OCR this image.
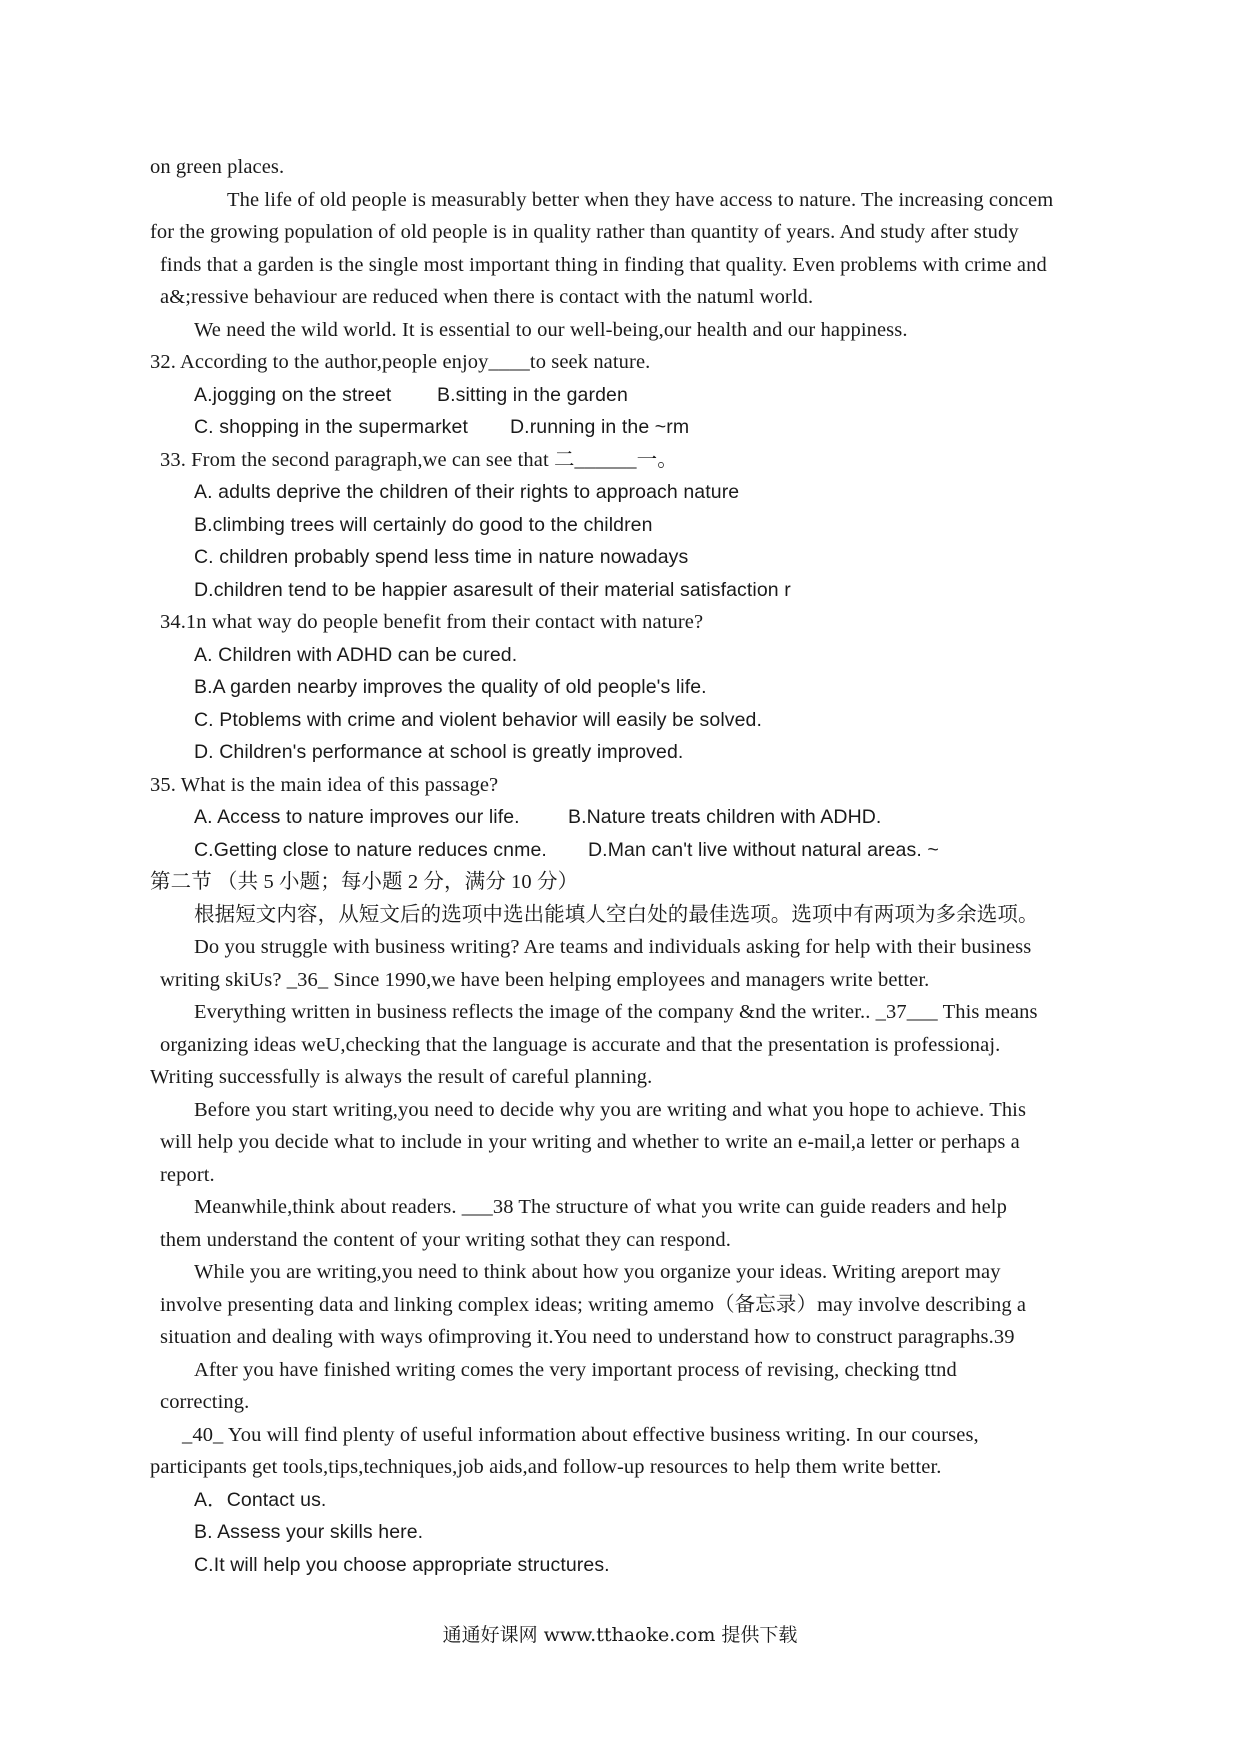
on green places.
The life of old people is measurably better when they have access to nature. The increasing concem
for the growing population of old people is in quality rather than quantity of years. And study after study
finds that a garden is the single most important thing in finding that quality. Even problems with crime and
a&;ressive behaviour are reduced when there is contact with the natuml world.
We need the wild world. It is essential to our well-being,our health and our happiness.
32. According to the author,people enjoy____to seek nature.
A.jogging on the street B.sitting in the garden
C. shopping in the supermarket D.running in the ~rm
33. From the second paragraph,we can see that 二______一。
A. adults deprive the children of their rights to approach nature
B.climbing trees will certainly do good to the children
C. children probably spend less time in nature nowadays
D.children tend to be happier asaresult of their material satisfaction r
34.1n what way do people benefit from their contact with nature?
A. Children with ADHD can be cured.
B.A garden nearby improves the quality of old people's life.
C. Ptoblems with crime and violent behavior will easily be solved.
D. Children's performance at school is greatly improved.
35. What is the main idea of this passage?
A. Access to nature improves our life. B.Nature treats children with ADHD.
C.Getting close to nature reduces cnme. D.Man can't live without natural areas. ~
第二节 （共 5 小题；每小题 2 分，满分 10 分）
根据短文内容，从短文后的选项中选出能填人空白处的最佳选项。选项中有两项为多余选项。
Do you struggle with business writing? Are teams and individuals asking for help with their business
writing skiUs? _36_ Since 1990,we have been helping employees and managers write better.
Everything written in business reflects the image of the company &nd the writer.. _37___ This means
organizing ideas weU,checking that the language is accurate and that the presentation is professionaj.
Writing successfully is always the result of careful planning.
Before you start writing,you need to decide why you are writing and what you hope to achieve. This
will help you decide what to include in your writing and whether to write an e-mail,a letter or perhaps a
report.
Meanwhile,think about readers. ___38 The structure of what you write can guide readers and help
them understand the content of your writing sothat they can respond.
While you are writing,you need to think about how you organize your ideas. Writing areport may
involve presenting data and linking complex ideas; writing amemo（备忘录）may involve describing a
situation and dealing with ways ofimproving it.You need to understand how to construct paragraphs.39
After you have finished writing comes the very important process of revising, checking ttnd
correcting.
_40_ You will find plenty of useful information about effective business writing. In our courses,
participants get tools,tips,techniques,job aids,and follow-up resources to help them write better.
A．Contact us.
B. Assess your skills here.
C.It will help you choose appropriate structures.
通通好课网 www.tthaoke.com 提供下载
